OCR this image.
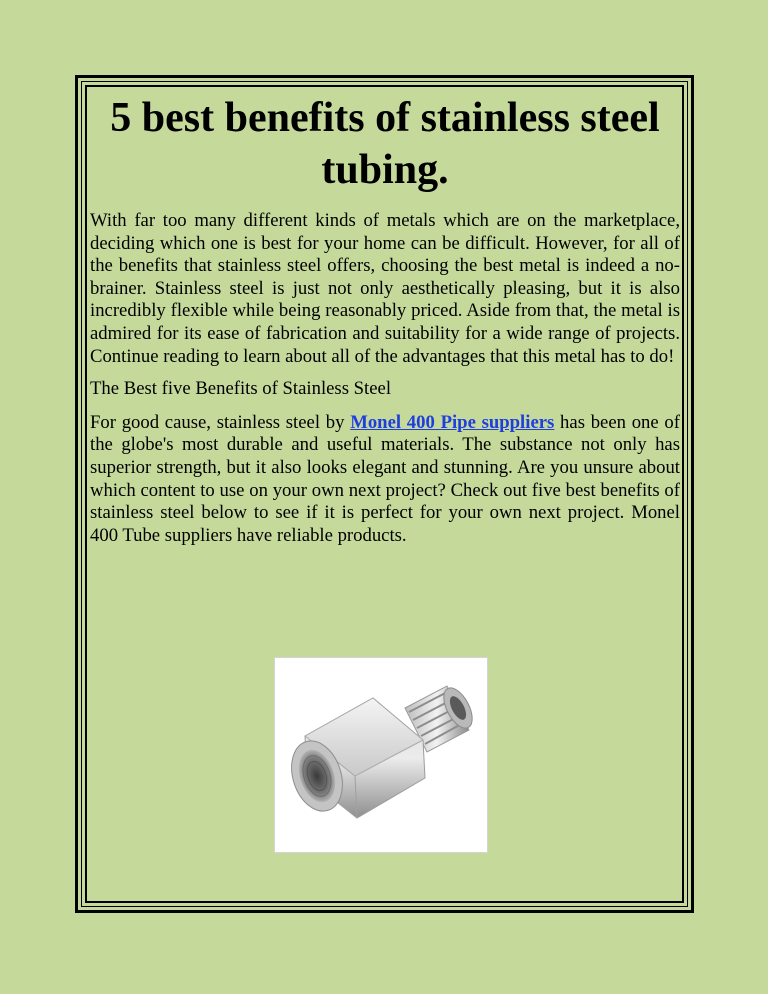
5 best benefits of stainless steel tubing.

With far too many different kinds of metals which are on the marketplace, deciding which one is best for your home can be difficult. However, for all of the benefits that stainless steel offers, choosing the best metal is indeed a no-brainer. Stainless steel is just not only aesthetically pleasing, but it is also incredibly flexible while being reasonably priced. Aside from that, the metal is admired for its ease of fabrication and suitability for a wide range of projects. Continue reading to learn about all of the advantages that this metal has to do!

The Best five Benefits of Stainless Steel

For good cause, stainless steel by Monel 400 Pipe suppliers has been one of the globe's most durable and useful materials. The substance not only has superior strength, but it also looks elegant and stunning. Are you unsure about which content to use on your own next project? Check out five best benefits of stainless steel below to see if it is perfect for your own next project. Monel 400 Tube suppliers have reliable products.
